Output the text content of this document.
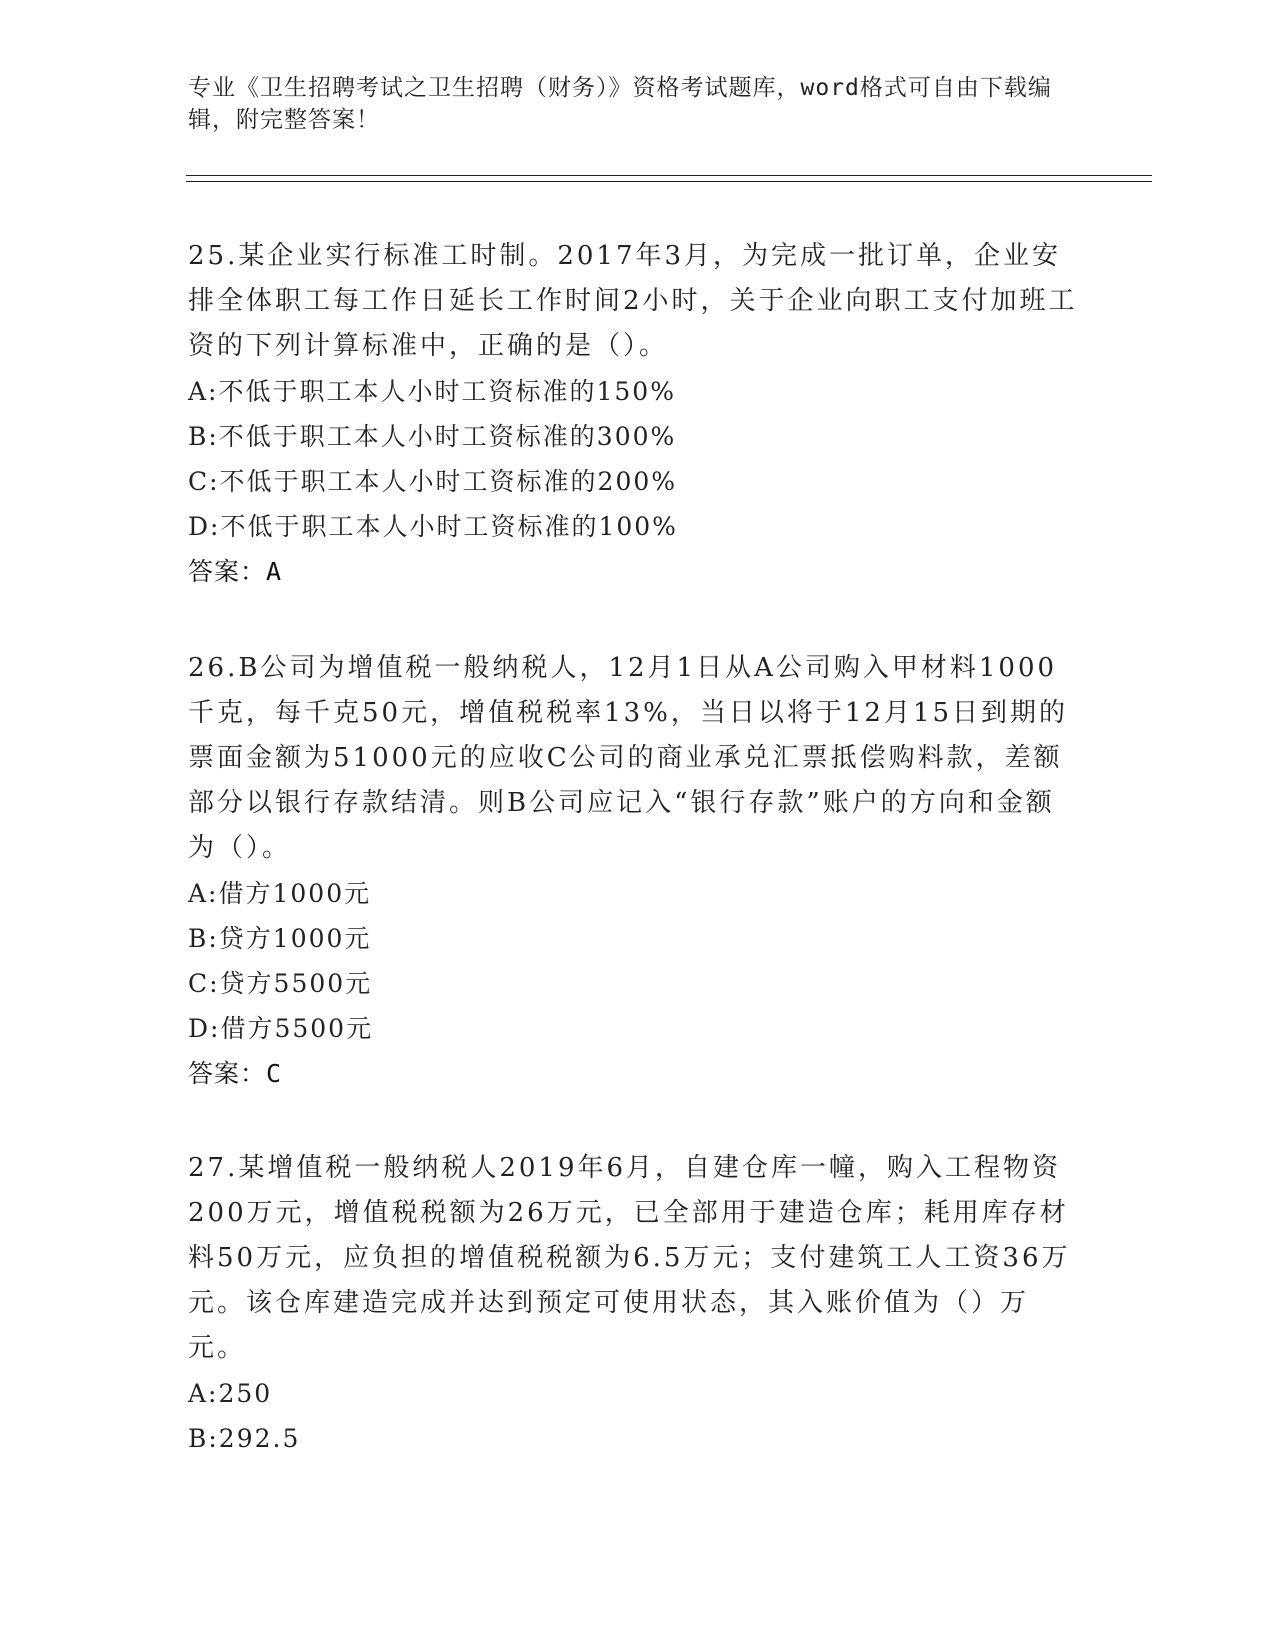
专业《卫生招聘考试之卫生招聘（财务）》资格考试题库，word格式可自由下载编辑，附完整答案！

25.某企业实行标准工时制。2017年3月，为完成一批订单，企业安排全体职工每工作日延长工作时间2小时，关于企业向职工支付加班工资的下列计算标准中，正确的是（）。

A:不低于职工本人小时工资标准的150%

B:不低于职工本人小时工资标准的300%

C:不低于职工本人小时工资标准的200%

D:不低于职工本人小时工资标准的100%

答案：A

26.B公司为增值税一般纳税人，12月1日从A公司购入甲材料1000千克，每千克50元，增值税税率13%，当日以将于12月15日到期的票面金额为51000元的应收C公司的商业承兑汇票抵偿购料款，差额部分以银行存款结清。则B公司应记入“银行存款”账户的方向和金额为（）。

A:借方1000元

B:贷方1000元

C:贷方5500元

D:借方5500元

答案：C

27.某增值税一般纳税人2019年6月，自建仓库一幢，购入工程物资200万元，增值税税额为26万元，已全部用于建造仓库；耗用库存材料50万元，应负担的增值税税额为6.5万元；支付建筑工人工资36万元。该仓库建造完成并达到预定可使用状态，其入账价值为（）万元。

A:250

B:292.5
